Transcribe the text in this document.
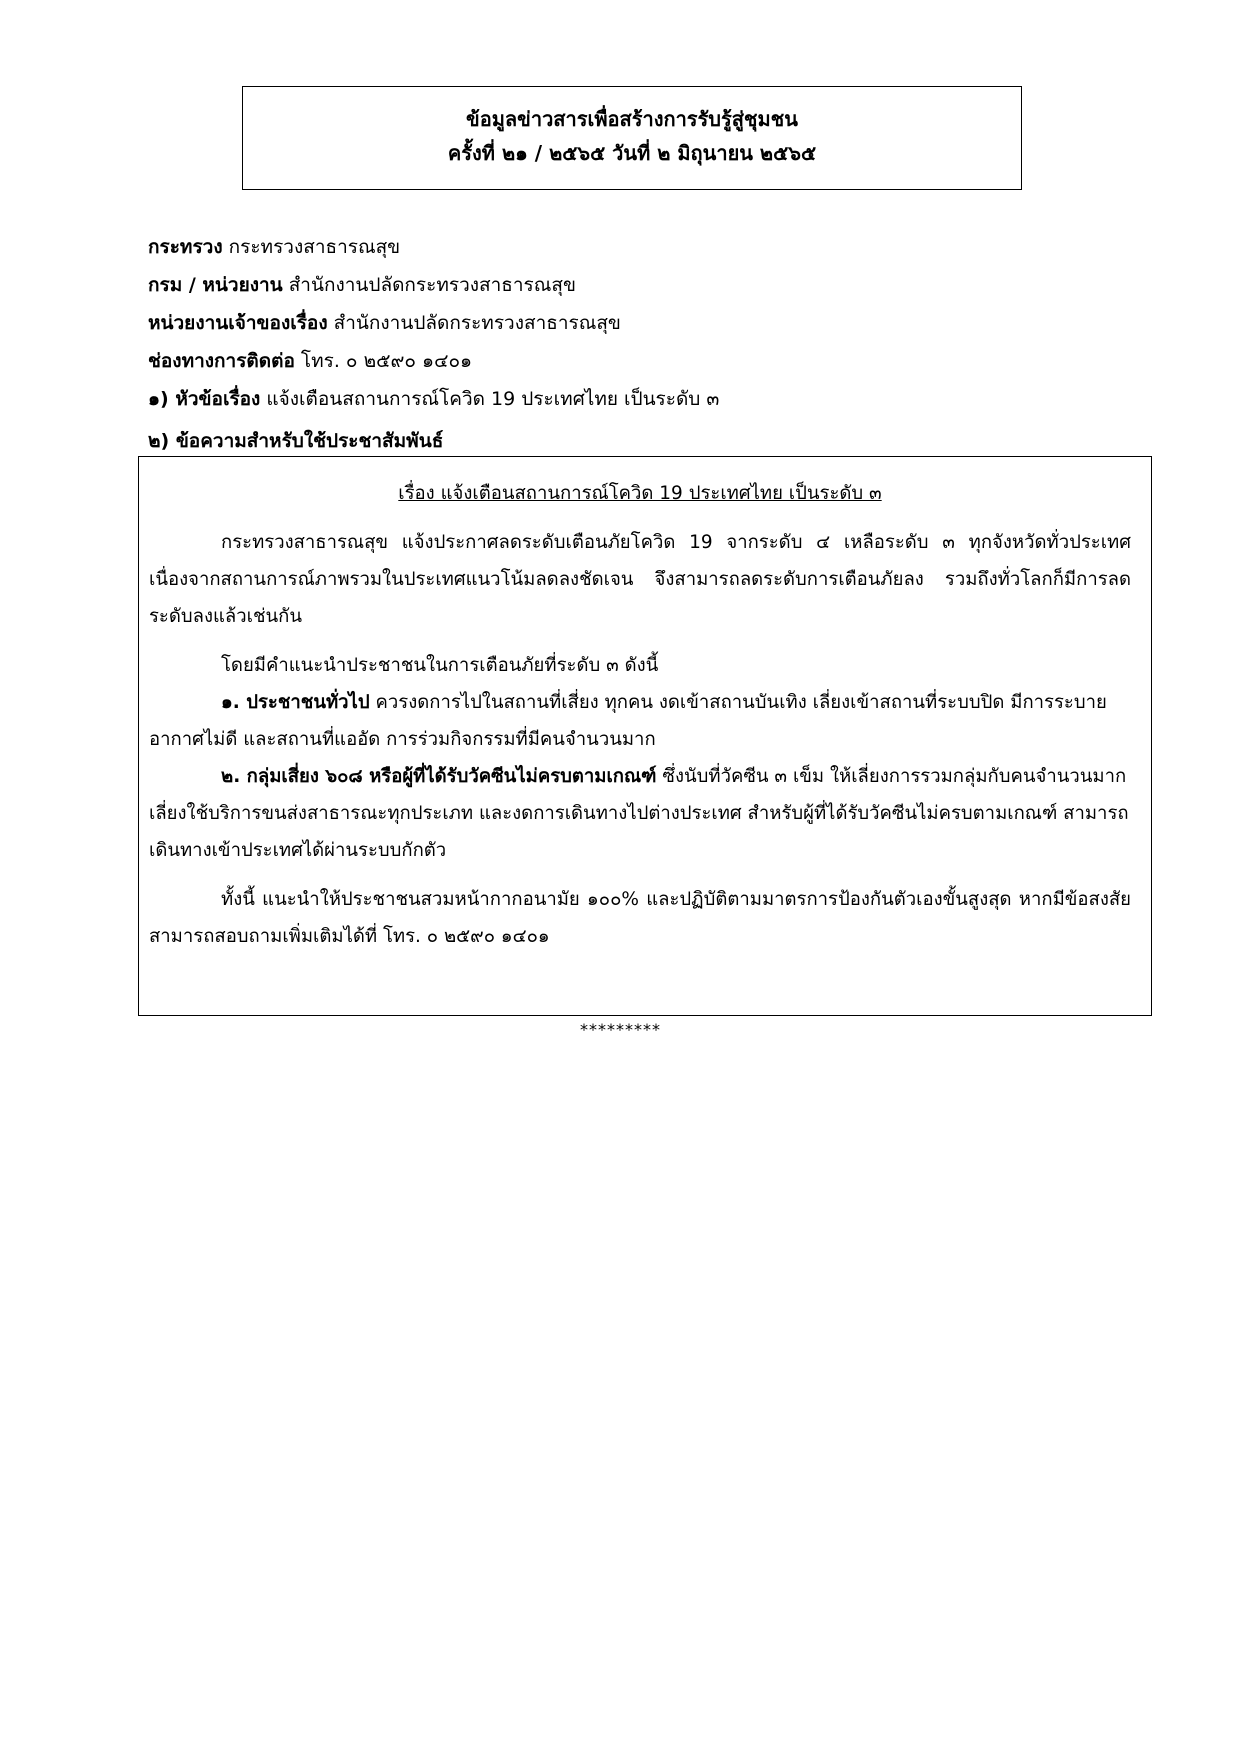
ข้อมูลข่าวสารเพื่อสร้างการรับรู้สู่ชุมชน
ครั้งที่ ๒๑ / ๒๕๖๕ วันที่ ๒ มิถุนายน ๒๕๖๕
กระทรวง กระทรวงสาธารณสุข
กรม / หน่วยงาน สำนักงานปลัดกระทรวงสาธารณสุข
หน่วยงานเจ้าของเรื่อง สำนักงานปลัดกระทรวงสาธารณสุข
ช่องทางการติดต่อ โทร. ๐ ๒๕๙๐ ๑๔๐๑
๑) หัวข้อเรื่อง แจ้งเตือนสถานการณ์โควิด 19 ประเทศไทย เป็นระดับ ๓
๒) ข้อความสำหรับใช้ประชาสัมพันธ์
เรื่อง แจ้งเตือนสถานการณ์โควิด 19 ประเทศไทย เป็นระดับ ๓

กระทรวงสาธารณสุข แจ้งประกาศลดระดับเตือนภัยโควิด 19 จากระดับ ๔ เหลือระดับ ๓ ทุกจังหวัดทั่วประเทศ เนื่องจากสถานการณ์ภาพรวมในประเทศแนวโน้มลดลงชัดเจน จึงสามารถลดระดับการเตือนภัยลง รวมถึงทั่วโลกก็มีการลดระดับลงแล้วเช่นกัน

โดยมีคำแนะนำประชาชนในการเตือนภัยที่ระดับ ๓ ดังนี้

๑. ประชาชนทั่วไป ควรงดการไปในสถานที่เสี่ยง ทุกคน งดเข้าสถานบันเทิง เลี่ยงเข้าสถานที่ระบบปิด มีการระบายอากาศไม่ดี และสถานที่แออัด การร่วมกิจกรรมที่มีคนจำนวนมาก

๒. กลุ่มเสี่ยง ๖๐๘ หรือผู้ที่ได้รับวัคซีนไม่ครบตามเกณฑ์ ซึ่งนับที่วัคซีน ๓ เข็ม ให้เลี่ยงการรวมกลุ่มกับคนจำนวนมาก เลี่ยงใช้บริการขนส่งสาธารณะทุกประเภท และงดการเดินทางไปต่างประเทศ สำหรับผู้ที่ได้รับวัคซีนไม่ครบตามเกณฑ์ สามารถเดินทางเข้าประเทศได้ผ่านระบบกักตัว

ทั้งนี้ แนะนำให้ประชาชนสวมหน้ากากอนามัย ๑๐๐% และปฏิบัติตามมาตรการป้องกันตัวเองขั้นสูงสุด หากมีข้อสงสัย สามารถสอบถามเพิ่มเติมได้ที่ โทร. ๐ ๒๕๙๐ ๑๔๐๑

*********
